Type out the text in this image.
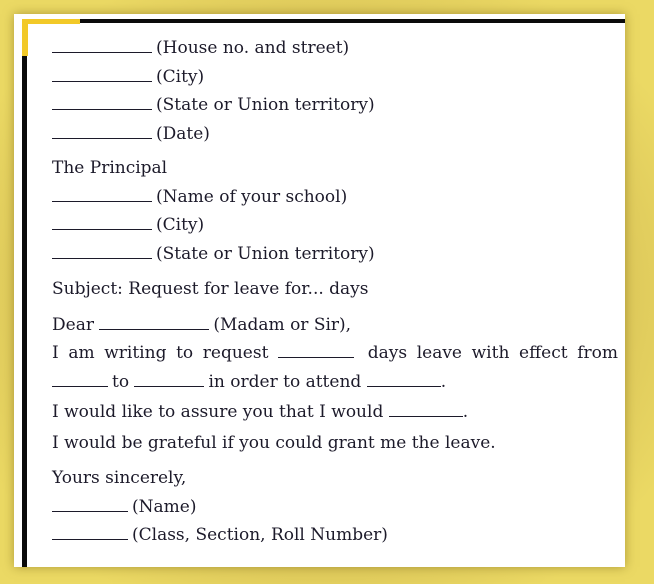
(House no. and street)
(City)
(State or Union territory)
(Date)
The Principal
(Name of your school)
(City)
(State or Union territory)
Subject: Request for leave for... days
Dear	(Madam or Sir),
I am writing to request	days leave with effect from
to	in order to attend	.
I would like to assure you that I would	.
I would be grateful if you could grant me the leave.
Yours sincerely,
(Name)
(Class, Section, Roll Number)
